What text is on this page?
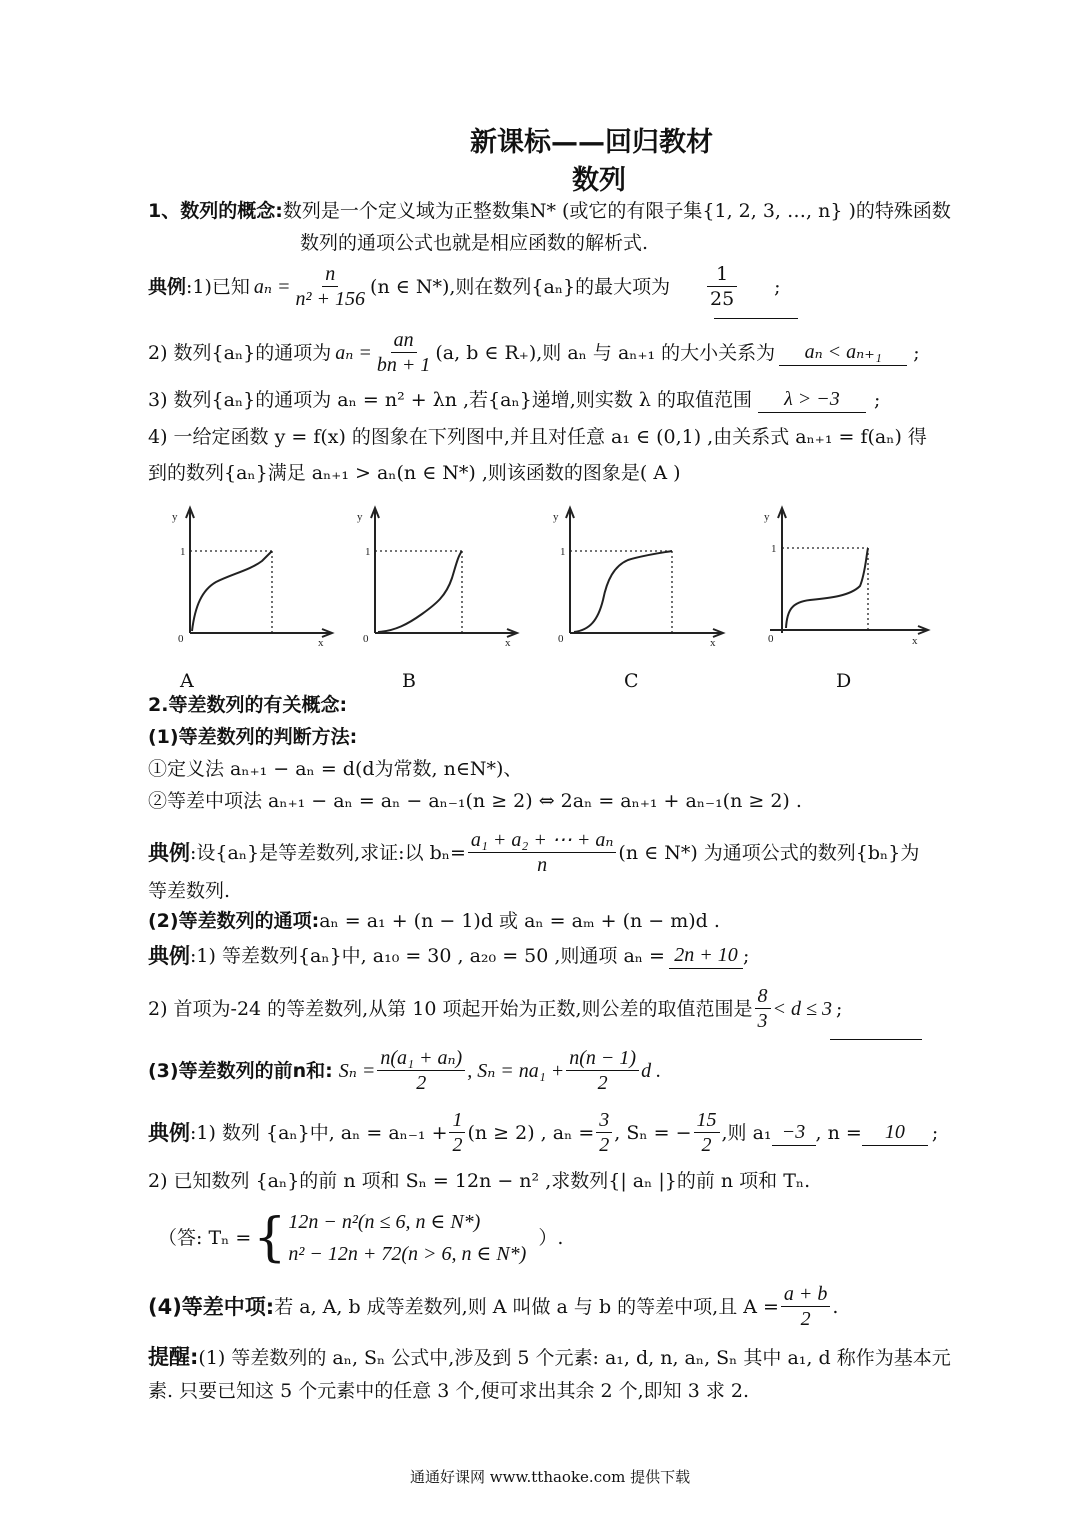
新课标——回归教材
数列
1、数列的概念:数列是一个定义域为正整数集N* (或它的有限子集{1, 2, 3, …, n} )的特殊函数
数列的通项公式也就是相应函数的解析式.
典例 :1)已知 $a_n = \frac{n}{\text{n² + 156}} (n$ ∈ N*),则在数列{aₙ}的最大项为 $\frac{1}{25}$ ;
2) 数列{aₙ}的通项为 $a_n = \frac{an}{bn + 1} (a$, b ∈ R₊),则 aₙ 与 aₙ₊₁ 的大小关系为	aₙ < aₙ₊₁	;
3) 数列{aₙ}的通项为 aₙ = n² + λn ,若{aₙ}递增,则实数 λ 的取值范围	λ > −3	;
4) 一给定函数 y = f(x) 的图象在下列图中,并且对任意 a₁ ∈ (0,1) ,由关系式 aₙ₊₁ = f(aₙ) 得
到的数列{aₙ}满足 aₙ₊₁ > aₙ(n ∈ N*) ,则该函数的图象是( A )
y
1
0	x
y
1
0	x
y
1
0	x
y
1
0	x
A	B	C	D
2.等差数列的有关概念:
(1)等差数列的判断方法:
①定义法 aₙ₊₁ − aₙ = d(d为常数, n∈N*)、
②等差中项法 aₙ₊₁ − aₙ = aₙ − aₙ₋₁(n ≥ 2) ⇔ 2aₙ = aₙ₊₁ + aₙ₋₁(n ≥ 2) .
典例 :设{aₙ}是等差数列,求证:以 $b_n= \frac{\text{a₁ + a₂ + ⋯ + aₙ}}{n} (n$ ∈ N*) 为通项公式的数列{bₙ}为
等差数列.
(2)等差数列的通项:aₙ = a₁ + (n − 1)d 或 aₙ = aₘ + (n − m)d .
典例 :1) 等差数列{aₙ}中, a₁₀ = 30 , a₂₀ = 50 ,则通项 aₙ = 2n + 10 ;
2) 首项为-24 的等差数列,从第 10 项起开始为正数,则公差的取值范围是 $\frac{8}{3} < d \le 3$ ;
(3)等差数列的前n和: $S_n = \frac{\text{n(a₁ + aₙ)}}{2}$ , $S_n = na_1 + \frac{n(n - 1)}{2}$ d .
典例 :1) 数列 {aₙ}中, $a_n = a_{n-1} + \frac{1}{2} (n \ge 2)$ , $a_n = \frac{3}{2}$ , Sₙ = − $\frac{15}{2}$ ,则 a₁ −3 , n =	10	;
2) 已知数列 {aₙ}的前 n 项和 Sₙ = 12n − n² ,求数列{| aₙ |}的前 n 项和 Tₙ.
（答: Tₙ = { 12n − n²(n ≤ 6, n ∈ N*)
n² − 12n + 72(n > 6, n ∈ N*)
）.
(4)等差中项: 若 a, A, b 成等差数列,则 A 叫做 a 与 b 的等差中项,且 $A = \frac{a + b}{2}$ .
提醒:(1) 等差数列的 aₙ, Sₙ 公式中,涉及到 5 个元素: a₁, d, n, aₙ, Sₙ 其中 a₁, d 称作为基本元
素. 只要已知这 5 个元素中的任意 3 个,便可求出其余 2 个,即知 3 求 2.
通通好课网 www.tthaoke.com 提供下载
